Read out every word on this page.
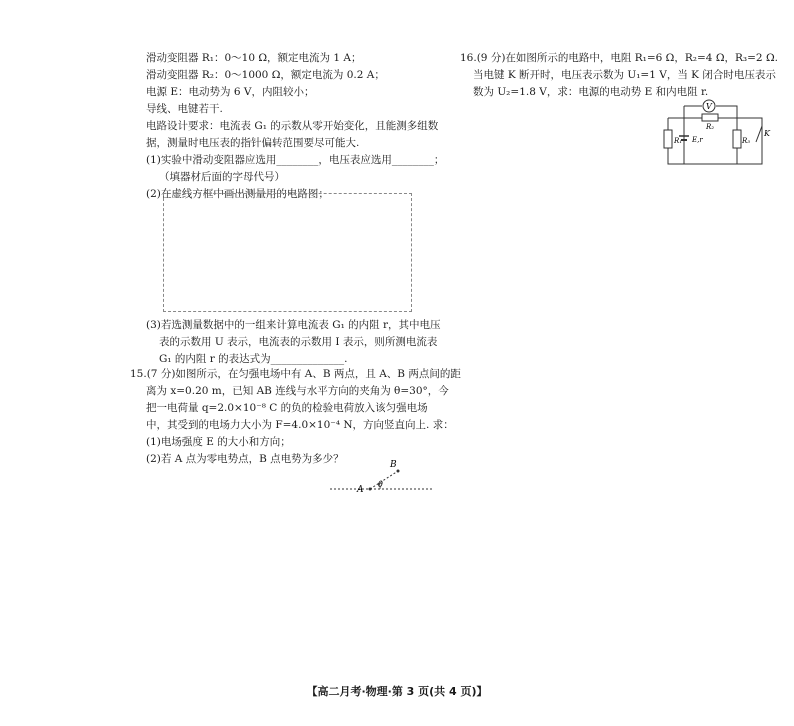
滑动变阻器 R₁：0～10 Ω，额定电流为 1 A；
滑动变阻器 R₂：0～1000 Ω，额定电流为 0.2 A；
电源 E：电动势为 6 V，内阻较小；
导线、电键若干.
电路设计要求：电流表 G₁ 的示数从零开始变化，且能测多组数
据，测量时电压表的指针偏转范围要尽可能大.
(1)实验中滑动变阻器应选用________，电压表应选用________；
（填器材后面的字母代号）
(2)在虚线方框中画出测量用的电路图；
(3)若选测量数据中的一组来计算电流表 G₁ 的内阻 r，其中电压
表的示数用 U 表示，电流表的示数用 I 表示，则所测电流表
G₁ 的内阻 r 的表达式为______________.
15.(7 分)如图所示，在匀强电场中有 A、B 两点，且 A、B 两点间的距
离为 x=0.20 m，已知 AB 连线与水平方向的夹角为 θ=30°，今
把一电荷量 q=2.0×10⁻⁸ C 的负的检验电荷放入该匀强电场
中，其受到的电场力大小为 F=4.0×10⁻⁴ N，方向竖直向上. 求：
(1)电场强度 E 的大小和方向；
(2)若 A 点为零电势点，B 点电势为多少？
A
B
θ
16.(9 分)在如图所示的电路中，电阻 R₁=6 Ω，R₂=4 Ω，R₃=2 Ω.
当电键 K 断开时，电压表示数为 U₁=1 V，当 K 闭合时电压表示
数为 U₂=1.8 V，求：电源的电动势 E 和内电阻 r.
V
R₁
R₂
R₃
E,r
K
【高二月考·物理·第 3 页(共 4 页)】
